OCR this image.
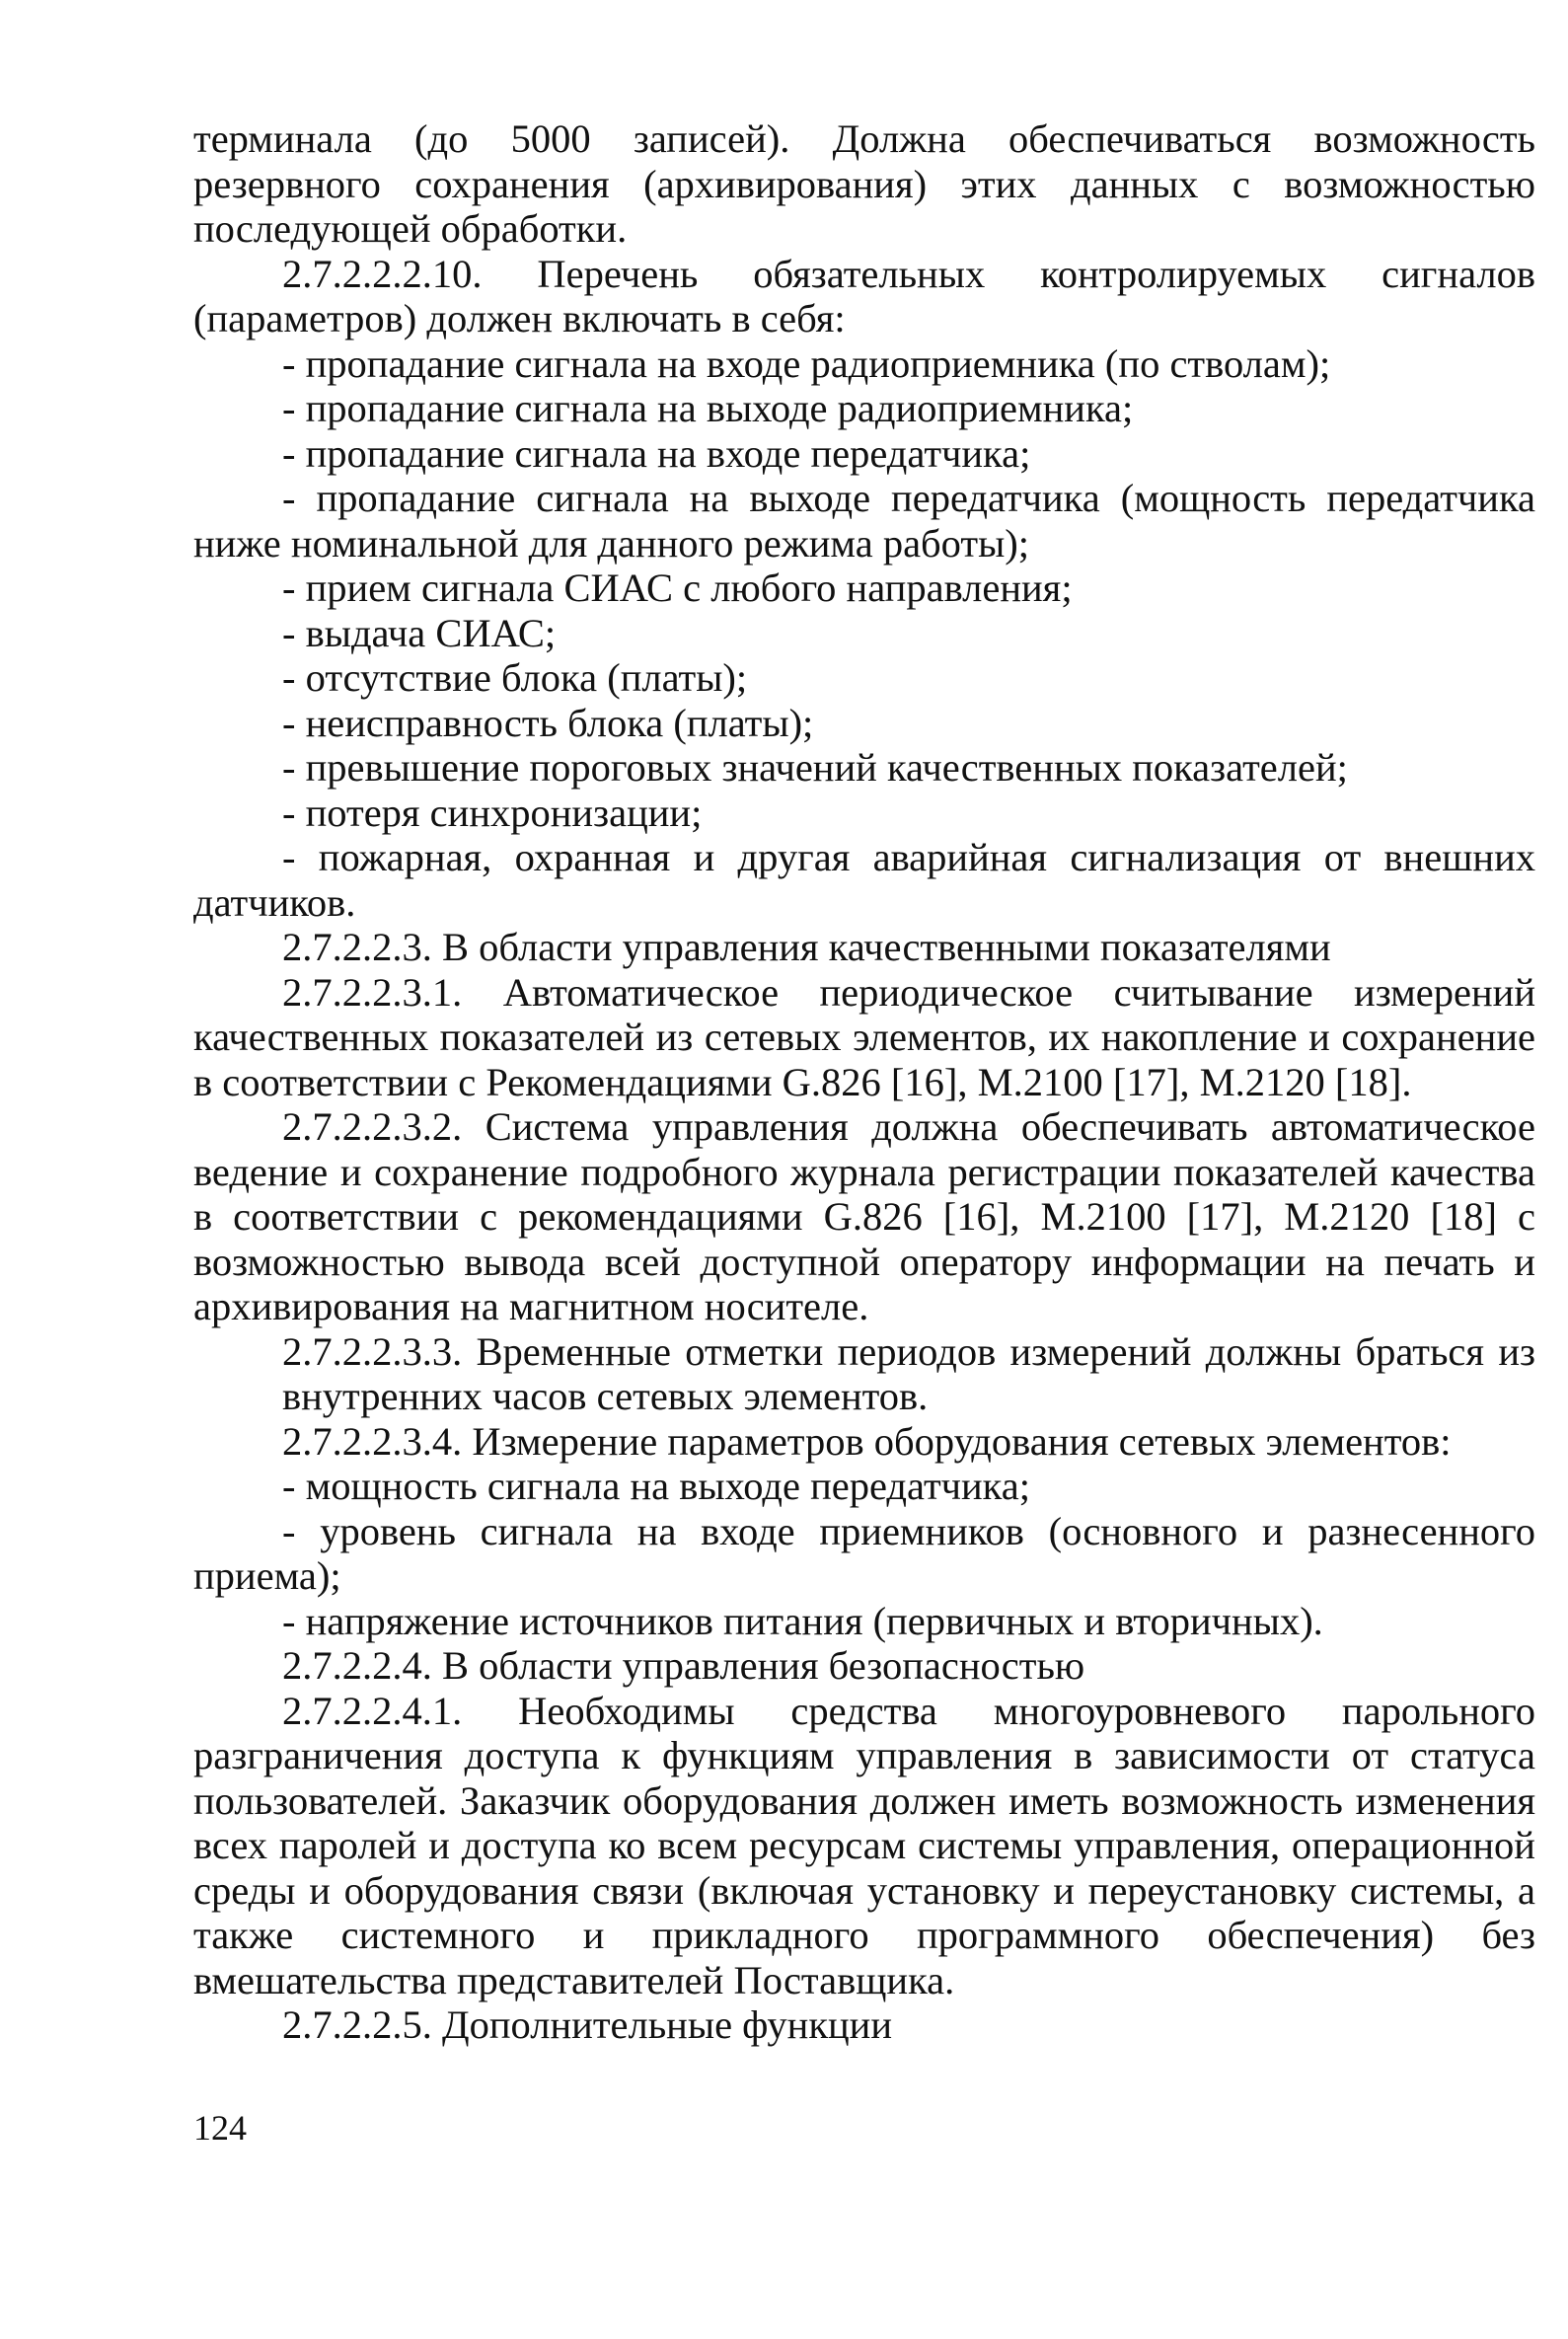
терминала (до 5000 записей). Должна обеспечиваться возможность резервного сохранения (архивирования) этих данных с возможностью последующей обработки.

2.7.2.2.2.10. Перечень обязательных контролируемых сигналов (параметров) должен включать в себя:

- пропадание сигнала на входе радиоприемника (по стволам);

- пропадание сигнала на выходе радиоприемника;

- пропадание сигнала на входе передатчика;

- пропадание сигнала на выходе передатчика (мощность передатчика ниже номинальной для данного режима работы);

- прием сигнала СИАС с любого направления;

- выдача СИАС;

- отсутствие блока (платы);

- неисправность блока (платы);

- превышение пороговых значений качественных показателей;

- потеря синхронизации;

- пожарная, охранная и другая аварийная сигнализация от внешних датчиков.

2.7.2.2.3. В области управления качественными показателями

2.7.2.2.3.1. Автоматическое периодическое считывание измерений качественных показателей из сетевых элементов, их накопление и сохранение в соответствии с Рекомендациями G.826 [16], M.2100 [17], M.2120 [18].

2.7.2.2.3.2. Система управления должна обеспечивать автоматическое ведение и сохранение подробного журнала регистрации показателей качества в соответствии с рекомендациями G.826 [16], M.2100 [17], M.2120 [18] с возможностью вывода всей доступной оператору информации на печать и архивирования на магнитном носителе.

2.7.2.2.3.3. Временные отметки периодов измерений должны браться из внутренних часов сетевых элементов.

2.7.2.2.3.4. Измерение параметров оборудования сетевых элементов:

- мощность сигнала на выходе передатчика;

- уровень сигнала на входе приемников (основного и разнесенного приема);

- напряжение источников питания (первичных и вторичных).

2.7.2.2.4. В области управления безопасностью

2.7.2.2.4.1. Необходимы средства многоуровневого парольного разграничения доступа к функциям управления в зависимости от статуса пользователей. Заказчик оборудования должен иметь возможность изменения всех паролей и доступа ко всем ресурсам системы управления, операционной среды и оборудования связи (включая установку и переустановку системы, а также системного и прикладного программного обеспечения) без вмешательства представителей Поставщика.

2.7.2.2.5. Дополнительные функции

124
